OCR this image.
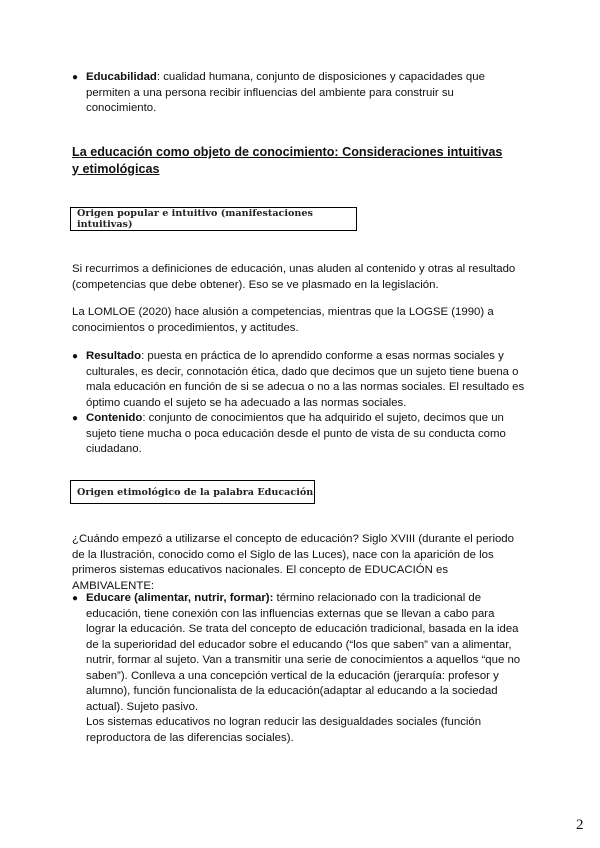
● Educabilidad: cualidad humana, conjunto de disposiciones y capacidades que permiten a una persona recibir influencias del ambiente para construir su conocimiento.
La educación como objeto de conocimiento: Consideraciones intuitivas y etimológicas
Origen popular e intuitivo (manifestaciones intuitivas)
Si recurrimos a definiciones de educación, unas aluden al contenido y otras al resultado (competencias que debe obtener). Eso se ve plasmado en la legislación.
La LOMLOE (2020) hace alusión a competencias, mientras que la LOGSE (1990) a conocimientos o procedimientos, y actitudes.
● Resultado: puesta en práctica de lo aprendido conforme a esas normas sociales y culturales, es decir, connotación ética, dado que decimos que un sujeto tiene buena o mala educación en función de si se adecua o no a las normas sociales. El resultado es óptimo cuando el sujeto se ha adecuado a las normas sociales.
● Contenido: conjunto de conocimientos que ha adquirido el sujeto, decimos que un sujeto tiene mucha o poca educación desde el punto de vista de su conducta como ciudadano.
Origen etimológico de la palabra Educación
¿Cuándo empezó a utilizarse el concepto de educación? Siglo XVIII (durante el periodo de la Ilustración, conocido como el Siglo de las Luces), nace con la aparición de los primeros sistemas educativos nacionales. El concepto de EDUCACIÓN es AMBIVALENTE:
● Educare (alimentar, nutrir, formar): término relacionado con la tradicional de educación, tiene conexión con las influencias externas que se llevan a cabo para lograr la educación. Se trata del concepto de educación tradicional, basada en la idea de la superioridad del educador sobre el educando (“los que saben” van a alimentar, nutrir, formar al sujeto. Van a transmitir una serie de conocimientos a aquellos “que no saben”). Conlleva a una concepción vertical de la educación (jerarquía: profesor y alumno), función funcionalista de la educación(adaptar al educando a la sociedad actual). Sujeto pasivo.
Los sistemas educativos no logran reducir las desigualdades sociales (función reproductora de las diferencias sociales).
2
